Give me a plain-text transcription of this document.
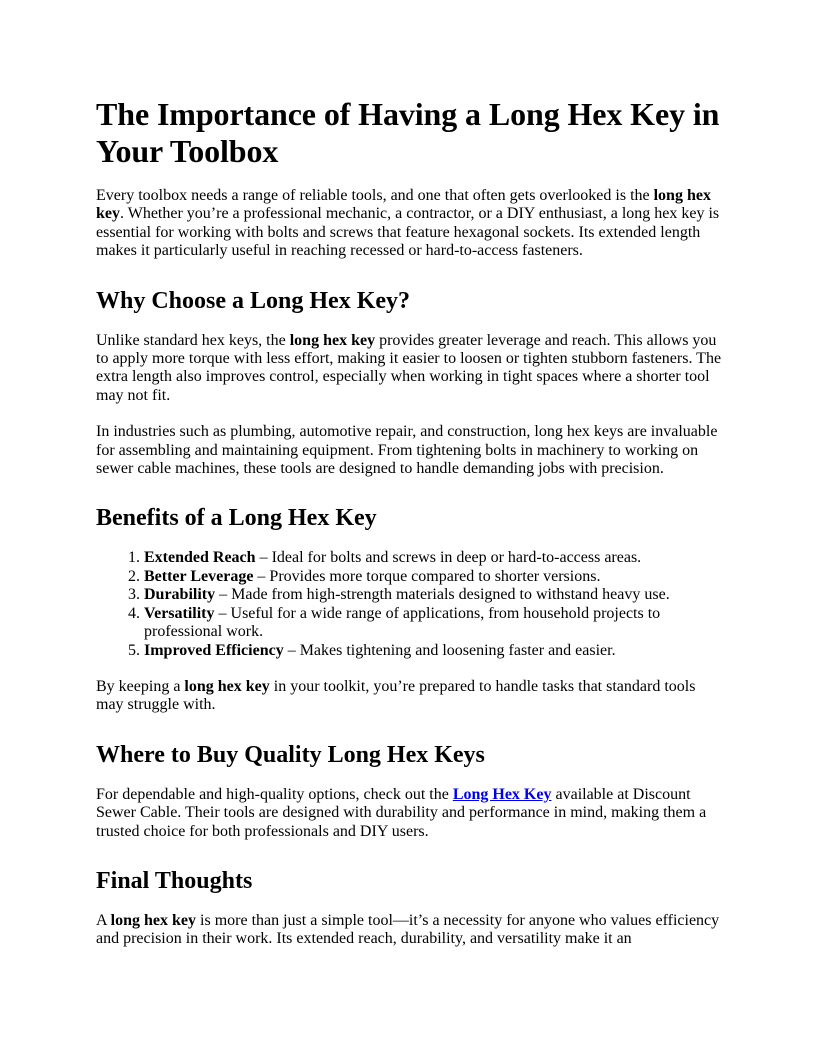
The Importance of Having a Long Hex Key in Your Toolbox

Every toolbox needs a range of reliable tools, and one that often gets overlooked is the long hex key. Whether you’re a professional mechanic, a contractor, or a DIY enthusiast, a long hex key is essential for working with bolts and screws that feature hexagonal sockets. Its extended length makes it particularly useful in reaching recessed or hard-to-access fasteners.

Why Choose a Long Hex Key?

Unlike standard hex keys, the long hex key provides greater leverage and reach. This allows you to apply more torque with less effort, making it easier to loosen or tighten stubborn fasteners. The extra length also improves control, especially when working in tight spaces where a shorter tool may not fit.

In industries such as plumbing, automotive repair, and construction, long hex keys are invaluable for assembling and maintaining equipment. From tightening bolts in machinery to working on sewer cable machines, these tools are designed to handle demanding jobs with precision.

Benefits of a Long Hex Key
1. Extended Reach – Ideal for bolts and screws in deep or hard-to-access areas.
2. Better Leverage – Provides more torque compared to shorter versions.
3. Durability – Made from high-strength materials designed to withstand heavy use.
4. Versatility – Useful for a wide range of applications, from household projects to professional work.
5. Improved Efficiency – Makes tightening and loosening faster and easier.

By keeping a long hex key in your toolkit, you’re prepared to handle tasks that standard tools may struggle with.

Where to Buy Quality Long Hex Keys

For dependable and high-quality options, check out the Long Hex Key available at Discount Sewer Cable. Their tools are designed with durability and performance in mind, making them a trusted choice for both professionals and DIY users.

Final Thoughts

A long hex key is more than just a simple tool—it’s a necessity for anyone who values efficiency and precision in their work. Its extended reach, durability, and versatility make it an
